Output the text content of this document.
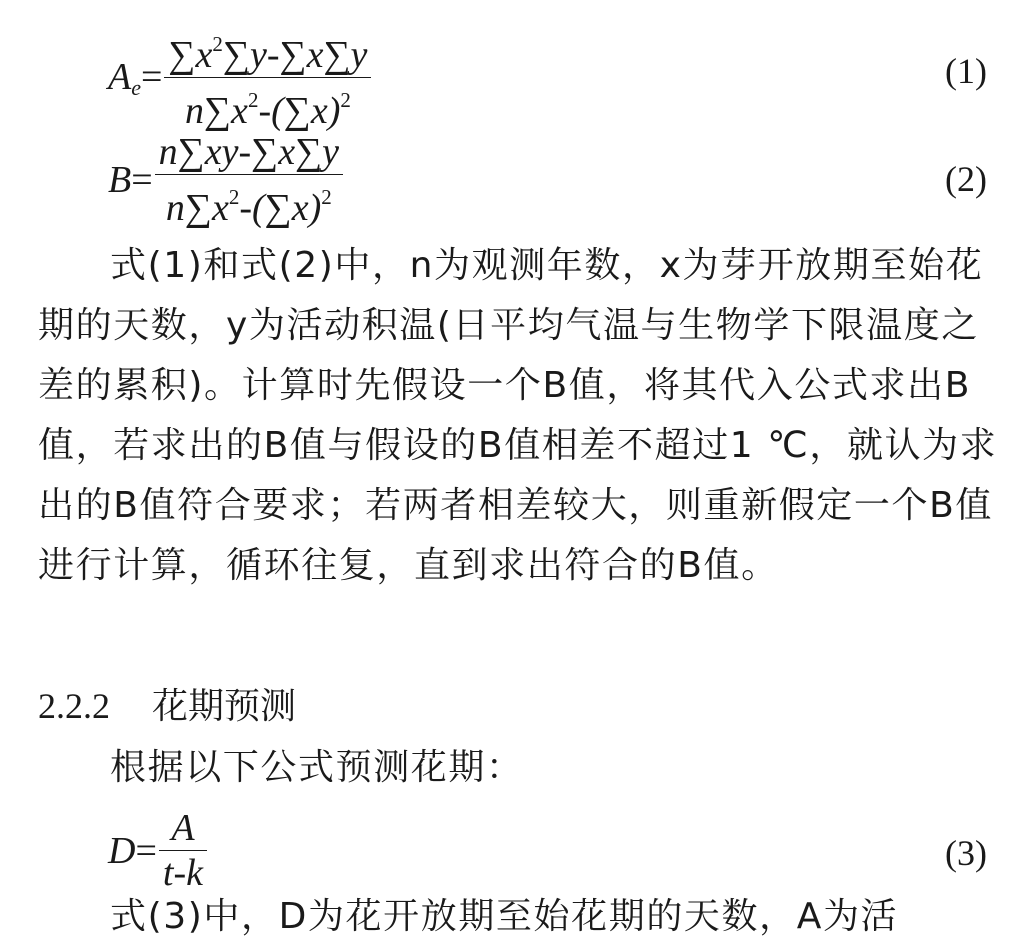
$A_e= \frac{\sum x^2\sum y-\sum x\sum y}{n\sum x^2-(\sum x)^2}$	(1)
$B= \frac{n\sum xy-\sum x\sum y}{n\sum x^2-(\sum x)^2}$	(2)

式(1)和式(2)中，n为观测年数，x为芽开放期至始花期的天数，y为活动积温(日平均气温与生物学下限温度之差的累积)。计算时先假设一个B值，将其代入公式求出B值，若求出的B值与假设的B值相差不超过1 ℃，就认为求出的B值符合要求；若两者相差较大，则重新假定一个B值进行计算，循环往复，直到求出符合的B值。

2.2.2 花期预测

根据以下公式预测花期：

$D= \frac{A}{t-k}$	(3)
式(3)中，D为花开放期至始花期的天数，A为活
